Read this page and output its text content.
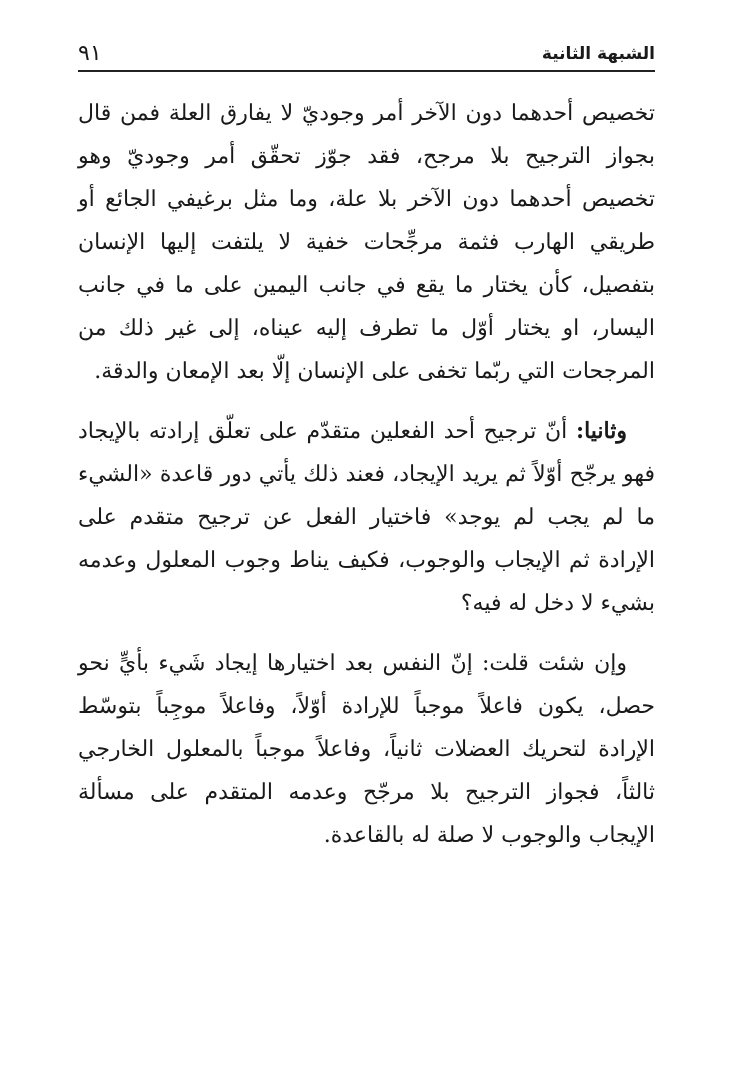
الشبهة الثانية
٩١

تخصيص أحدهما دون الآخر أمر وجوديّ لا يفارق العلة فمن قال بجواز الترجيح بلا مرجح، فقد جوّز تحقّق أمر وجوديّ وهو تخصيص أحدهما دون الآخر بلا علة، وما مثل برغيفي الجائع أو طريقي الهارب فثمة مرجِّحات خفية لا يلتفت إليها الإنسان بتفصيل، كأن يختار ما يقع في جانب اليمين على ما في جانب اليسار، او يختار أوّل ما تطرف إليه عيناه، إلى غير ذلك من المرجحات التي ربّما تخفى على الإنسان إلّا بعد الإمعان والدقة.

وثانيا: أنّ ترجيح أحد الفعلين متقدّم على تعلّق إرادته بالإيجاد فهو يرجّح أوّلاً ثم يريد الإيجاد، فعند ذلك يأتي دور قاعدة «الشيء ما لم يجب لم يوجد» فاختيار الفعل عن ترجيح متقدم على الإرادة ثم الإيجاب والوجوب، فكيف يناط وجوب المعلول وعدمه بشيء لا دخل له فيه؟

وإن شئت قلت: إنّ النفس بعد اختيارها إيجاد شَيء بأيٍّ نحو حصل، يكون فاعلاً موجباً للإرادة أوّلاً، وفاعلاً موجِباً بتوسّط الإرادة لتحريك العضلات ثانياً، وفاعلاً موجباً بالمعلول الخارجي ثالثاً، فجواز الترجيح بلا مرجّح وعدمه المتقدم على مسألة الإيجاب والوجوب لا صلة له بالقاعدة.
